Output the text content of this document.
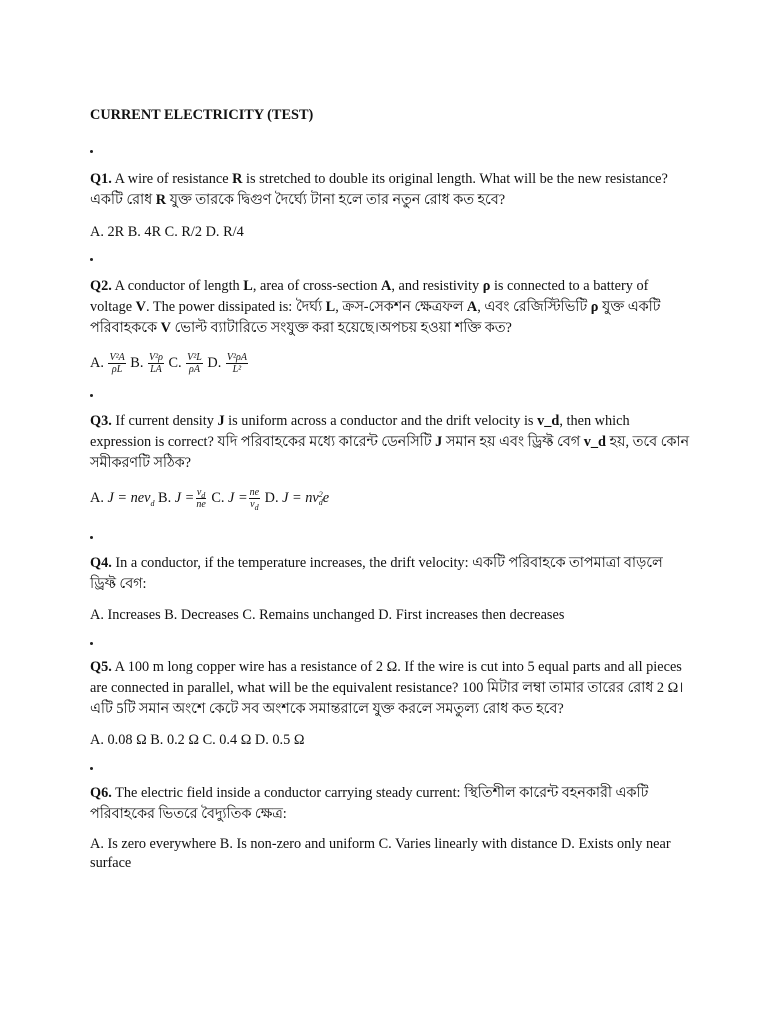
CURRENT ELECTRICITY (TEST)

Q1. A wire of resistance R is stretched to double its original length. What will be the new resistance? একটি রোধ R যুক্ত তারকে দ্বিগুণ দৈর্ঘ্যে টানা হলে তার নতুন রোধ কত হবে?

A. 2R B. 4R C. R/2 D. R/4

Q2. A conductor of length L, area of cross-section A, and resistivity ρ is connected to a battery of voltage V. The power dissipated is: দৈর্ঘ্য L, ক্রস-সেকশন ক্ষেত্রফল A, এবং রেজিস্টিভিটি ρ যুক্ত একটি পরিবাহককে V ভোল্ট ব্যাটারিতে সংযুক্ত করা হয়েছে।অপচয় হওয়া শক্তি কত?

A. $\frac{\text{V²A}}{\rho L} B$. $\frac{\text{V²ρ}}{LA} C$. $\frac{\text{V²L}}{\rho A} D$. $\frac{\text{V²ρA}}{\text{L²}}$

Q3. If current density J is uniform across a conductor and the drift velocity is v_d, then which expression is correct? যদি পরিবাহকের মধ্যে কারেন্ট ডেনসিটি J সমান হয় এবং ড্রিফ্ট বেগ v_d হয়, তবে কোন সমীকরণটি সঠিক?

A. J = nev$_d$ B. $J = \frac{v_d}{ne} C$. $J = \frac{ne}{v_d} D$. J = nv 2
d e

Q4. In a conductor, if the temperature increases, the drift velocity: একটি পরিবাহকে তাপমাত্রা বাড়লে ড্রিফ্ট বেগ:

A. Increases B. Decreases C. Remains unchanged D. First increases then decreases

Q5. A 100 m long copper wire has a resistance of 2 Ω. If the wire is cut into 5 equal parts and all pieces are connected in parallel, what will be the equivalent resistance? 100 মিটার লম্বা তামার তারের রোধ 2 Ω।এটি 5টি সমান অংশে কেটে সব অংশকে সমান্তরালে যুক্ত করলে সমতুল্য রোধ কত হবে?

A. 0.08 Ω B. 0.2 Ω C. 0.4 Ω D. 0.5 Ω

Q6. The electric field inside a conductor carrying steady current: স্থিতিশীল কারেন্ট বহনকারী একটি পরিবাহকের ভিতরে বৈদ্যুতিক ক্ষেত্র:

A. Is zero everywhere B. Is non-zero and uniform C. Varies linearly with distance D. Exists only near surface
